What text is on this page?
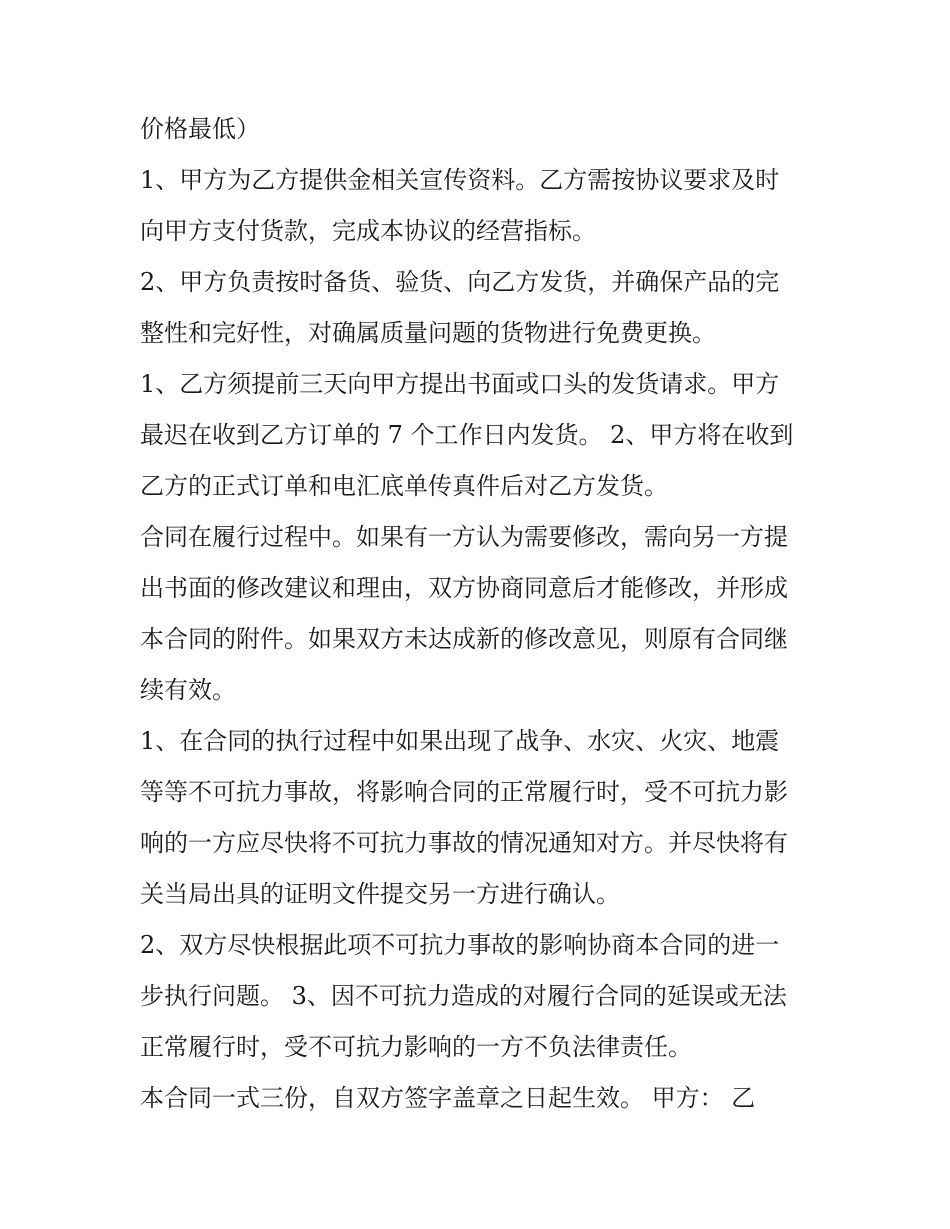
价格最低）
1、甲方为乙方提供金相关宣传资料。乙方需按协议要求及时
向甲方支付货款，完成本协议的经营指标。
2、甲方负责按时备货、验货、向乙方发货，并确保产品的完
整性和完好性，对确属质量问题的货物进行免费更换。
1、乙方须提前三天向甲方提出书面或口头的发货请求。甲方
最迟在收到乙方订单的 7 个工作日内发货。 2、甲方将在收到
乙方的正式订单和电汇底单传真件后对乙方发货。
合同在履行过程中。如果有一方认为需要修改，需向另一方提
出书面的修改建议和理由，双方协商同意后才能修改，并形成
本合同的附件。如果双方未达成新的修改意见，则原有合同继
续有效。
1、在合同的执行过程中如果出现了战争、水灾、火灾、地震
等等不可抗力事故，将影响合同的正常履行时，受不可抗力影
响的一方应尽快将不可抗力事故的情况通知对方。并尽快将有
关当局出具的证明文件提交另一方进行确认。
2、双方尽快根据此项不可抗力事故的影响协商本合同的进一
步执行问题。 3、因不可抗力造成的对履行合同的延误或无法
正常履行时，受不可抗力影响的一方不负法律责任。
本合同一式三份，自双方签字盖章之日起生效。 甲方： 乙
